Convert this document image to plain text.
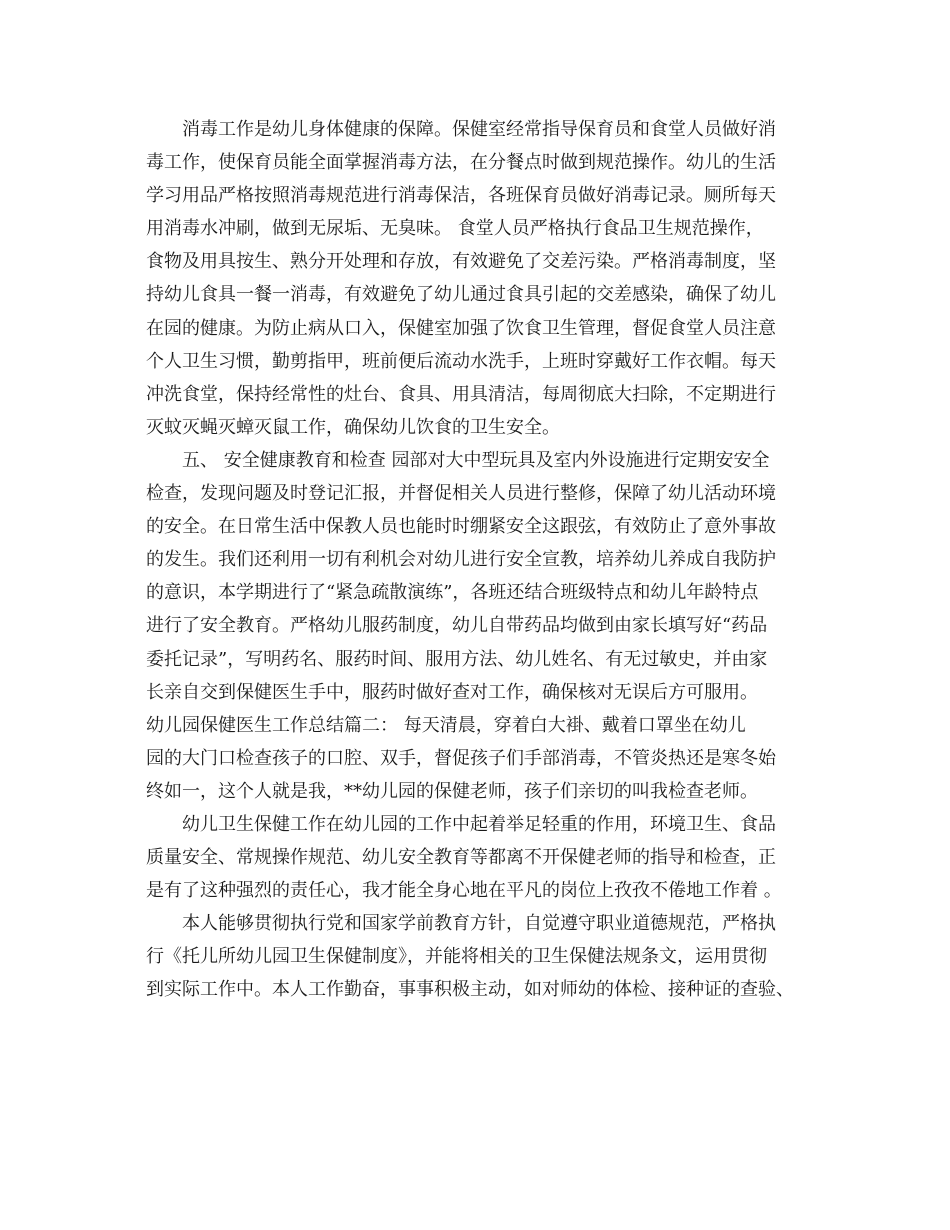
消毒工作是幼儿身体健康的保障。保健室经常指导保育员和食堂人员做好消
毒工作，使保育员能全面掌握消毒方法，在分餐点时做到规范操作。幼儿的生活
学习用品严格按照消毒规范进行消毒保洁，各班保育员做好消毒记录。厕所每天
用消毒水冲刷，做到无尿垢、无臭味。 食堂人员严格执行食品卫生规范操作，
食物及用具按生、熟分开处理和存放，有效避免了交差污染。严格消毒制度，坚
持幼儿食具一餐一消毒，有效避免了幼儿通过食具引起的交差感染，确保了幼儿
在园的健康。为防止病从口入，保健室加强了饮食卫生管理，督促食堂人员注意
个人卫生习惯，勤剪指甲，班前便后流动水洗手，上班时穿戴好工作衣帽。每天
冲洗食堂，保持经常性的灶台、食具、用具清洁，每周彻底大扫除，不定期进行
灭蚊灭蝇灭蟑灭鼠工作，确保幼儿饮食的卫生安全。
五、 安全健康教育和检查 园部对大中型玩具及室内外设施进行定期安安全
检查，发现问题及时登记汇报，并督促相关人员进行整修，保障了幼儿活动环境
的安全。在日常生活中保教人员也能时时绷紧安全这跟弦，有效防止了意外事故
的发生。我们还利用一切有利机会对幼儿进行安全宣教，培养幼儿养成自我防护
的意识，本学期进行了“紧急疏散演练”，各班还结合班级特点和幼儿年龄特点
进行了安全教育。严格幼儿服药制度，幼儿自带药品均做到由家长填写好“药品
委托记录”，写明药名、服药时间、服用方法、幼儿姓名、有无过敏史，并由家
长亲自交到保健医生手中，服药时做好查对工作，确保核对无误后方可服用。
幼儿园保健医生工作总结篇二： 每天清晨，穿着白大褂、戴着口罩坐在幼儿
园的大门口检查孩子的口腔、双手，督促孩子们手部消毒，不管炎热还是寒冬始
终如一，这个人就是我，**幼儿园的保健老师，孩子们亲切的叫我检查老师。
幼儿卫生保健工作在幼儿园的工作中起着举足轻重的作用，环境卫生、食品
质量安全、常规操作规范、幼儿安全教育等都离不开保健老师的指导和检查，正
是有了这种强烈的责任心，我才能全身心地在平凡的岗位上孜孜不倦地工作着 。
本人能够贯彻执行党和国家学前教育方针，自觉遵守职业道德规范，严格执
行《托儿所幼儿园卫生保健制度》，并能将相关的卫生保健法规条文，运用贯彻
到实际工作中。本人工作勤奋，事事积极主动，如对师幼的体检、接种证的查验、
